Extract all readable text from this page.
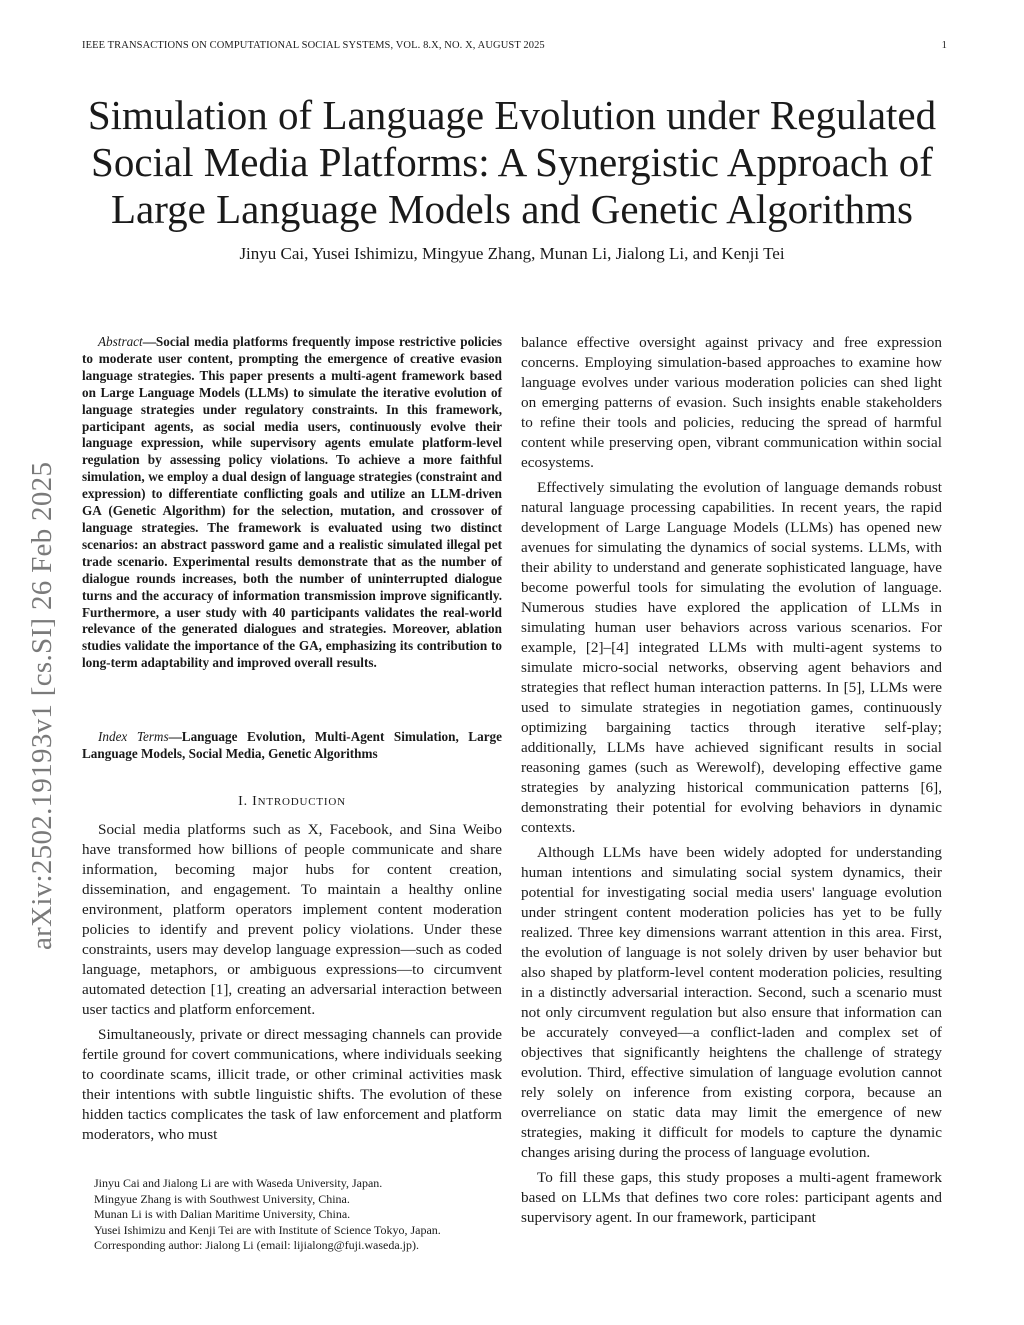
IEEE TRANSACTIONS ON COMPUTATIONAL SOCIAL SYSTEMS, VOL. 8.X, NO. X, AUGUST 2025	1
Simulation of Language Evolution under Regulated
Social Media Platforms: A Synergistic Approach of
Large Language Models and Genetic Algorithms
Jinyu Cai, Yusei Ishimizu, Mingyue Zhang, Munan Li, Jialong Li, and Kenji Tei
arXiv:2502.19193v1 [cs.SI] 26 Feb 2025

Abstract—Social media platforms frequently impose restrictive policies to moderate user content, prompting the emergence of creative evasion language strategies. This paper presents a multi-agent framework based on Large Language Models (LLMs) to simulate the iterative evolution of language strategies under regulatory constraints. In this framework, participant agents, as social media users, continuously evolve their language expression, while supervisory agents emulate platform-level regulation by assessing policy violations. To achieve a more faithful simulation, we employ a dual design of language strategies (constraint and expression) to differentiate conflicting goals and utilize an LLM-driven GA (Genetic Algorithm) for the selection, mutation, and crossover of language strategies. The framework is evaluated using two distinct scenarios: an abstract password game and a realistic simulated illegal pet trade scenario. Experimental results demonstrate that as the number of dialogue rounds increases, both the number of uninterrupted dialogue turns and the accuracy of information transmission improve significantly. Furthermore, a user study with 40 participants validates the real-world relevance of the generated dialogues and strategies. Moreover, ablation studies validate the importance of the GA, emphasizing its contribution to long-term adaptability and improved overall results.

Index Terms—Language Evolution, Multi-Agent Simulation, Large Language Models, Social Media, Genetic Algorithms
I. INTRODUCTION

Social media platforms such as X, Facebook, and Sina Weibo have transformed how billions of people communicate and share information, becoming major hubs for content creation, dissemination, and engagement. To maintain a healthy online environment, platform operators implement content moderation policies to identify and prevent policy violations. Under these constraints, users may develop language expression—such as coded language, metaphors, or ambiguous expressions—to circumvent automated detection [1], creating an adversarial interaction between user tactics and platform enforcement.

Simultaneously, private or direct messaging channels can provide fertile ground for covert communications, where individuals seeking to coordinate scams, illicit trade, or other criminal activities mask their intentions with subtle linguistic shifts. The evolution of these hidden tactics complicates the task of law enforcement and platform moderators, who must

Jinyu Cai and Jialong Li are with Waseda University, Japan.
Mingyue Zhang is with Southwest University, China.
Munan Li is with Dalian Maritime University, China.
Yusei Ishimizu and Kenji Tei are with Institute of Science Tokyo, Japan.
Corresponding author: Jialong Li (email: lijialong@fuji.waseda.jp).

balance effective oversight against privacy and free expression concerns. Employing simulation-based approaches to examine how language evolves under various moderation policies can shed light on emerging patterns of evasion. Such insights enable stakeholders to refine their tools and policies, reducing the spread of harmful content while preserving open, vibrant communication within social ecosystems.

Effectively simulating the evolution of language demands robust natural language processing capabilities. In recent years, the rapid development of Large Language Models (LLMs) has opened new avenues for simulating the dynamics of social systems. LLMs, with their ability to understand and generate sophisticated language, have become powerful tools for simulating the evolution of language. Numerous studies have explored the application of LLMs in simulating human user behaviors across various scenarios. For example, [2]–[4] integrated LLMs with multi-agent systems to simulate micro-social networks, observing agent behaviors and strategies that reflect human interaction patterns. In [5], LLMs were used to simulate strategies in negotiation games, continuously optimizing bargaining tactics through iterative self-play; additionally, LLMs have achieved significant results in social reasoning games (such as Werewolf), developing effective game strategies by analyzing historical communication patterns [6], demonstrating their potential for evolving behaviors in dynamic contexts.

Although LLMs have been widely adopted for understanding human intentions and simulating social system dynamics, their potential for investigating social media users' language evolution under stringent content moderation policies has yet to be fully realized. Three key dimensions warrant attention in this area. First, the evolution of language is not solely driven by user behavior but also shaped by platform-level content moderation policies, resulting in a distinctly adversarial interaction. Second, such a scenario must not only circumvent regulation but also ensure that information can be accurately conveyed—a conflict-laden and complex set of objectives that significantly heightens the challenge of strategy evolution. Third, effective simulation of language evolution cannot rely solely on inference from existing corpora, because an overreliance on static data may limit the emergence of new strategies, making it difficult for models to capture the dynamic changes arising during the process of language evolution.

To fill these gaps, this study proposes a multi-agent framework based on LLMs that defines two core roles: participant agents and supervisory agent. In our framework, participant
